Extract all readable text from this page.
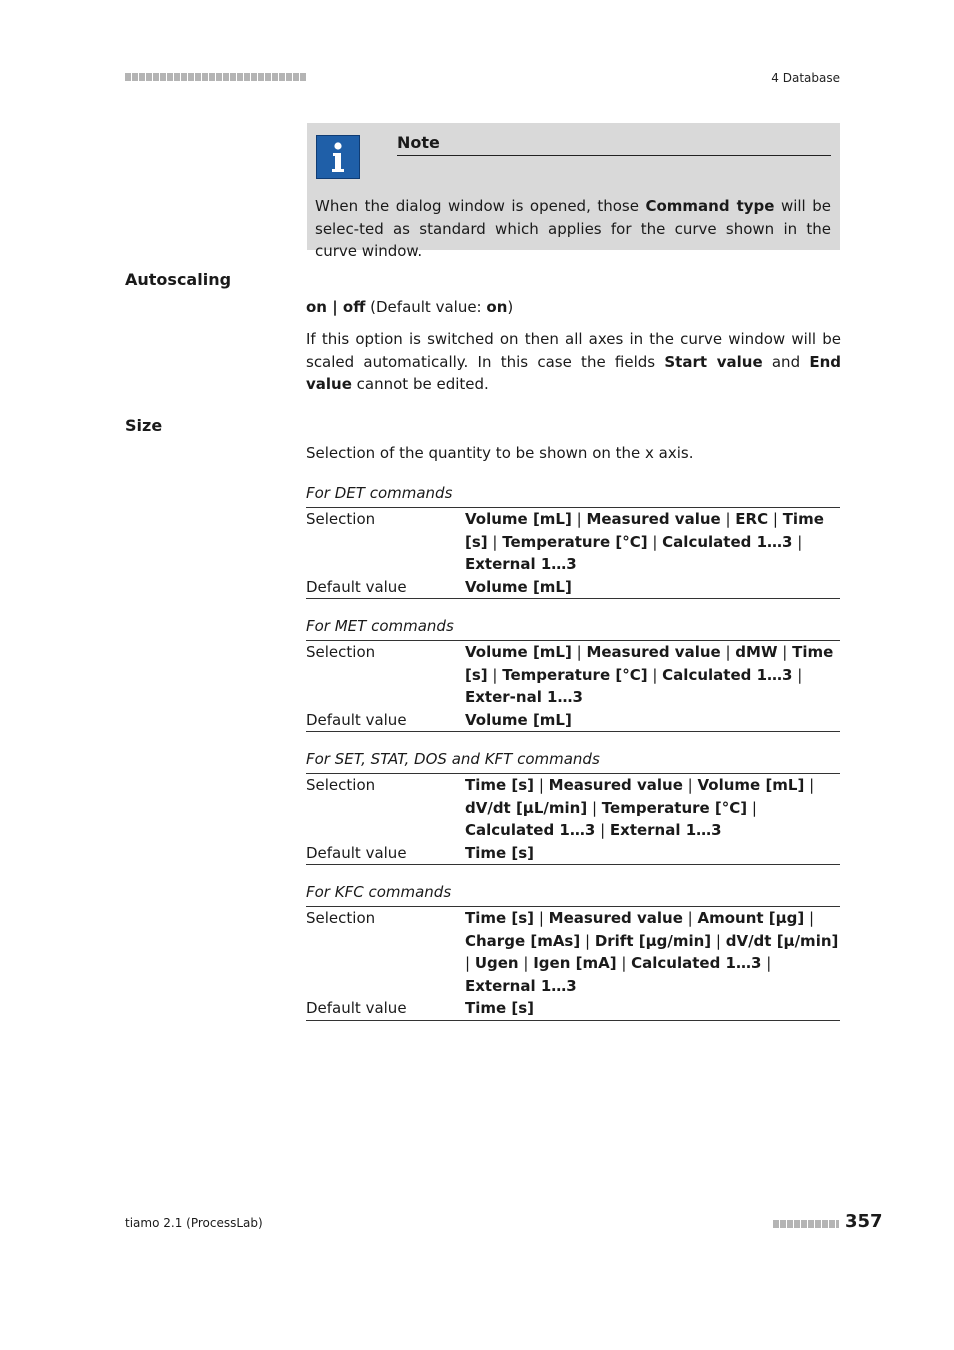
4 Database
Note
When the dialog window is opened, those Command type will be selec-ted as standard which applies for the curve shown in the curve window.
Autoscaling
on | off (Default value: on)
If this option is switched on then all axes in the curve window will be scaled automatically. In this case the fields Start value and End value cannot be edited.
Size
Selection of the quantity to be shown on the x axis.
For DET commands
Selection	Volume [mL] | Measured value | ERC | Time [s] | Temperature [°C] | Calculated 1…3 | External 1…3
Default value	Volume [mL]
For MET commands
Selection	Volume [mL] | Measured value | dMW | Time [s] | Temperature [°C] | Calculated 1…3 | Exter-nal 1…3
Default value	Volume [mL]
For SET, STAT, DOS and KFT commands
Selection	Time [s] | Measured value | Volume [mL] | dV/dt [µL/min] | Temperature [°C] | Calculated 1…3 | External 1…3
Default value	Time [s]
For KFC commands
Selection	Time [s] | Measured value | Amount [µg] | Charge [mAs] | Drift [µg/min] | dV/dt [µ/min] | Ugen | Igen [mA] | Calculated 1…3 | External 1…3
Default value	Time [s]
tiamo 2.1 (ProcessLab)	357
